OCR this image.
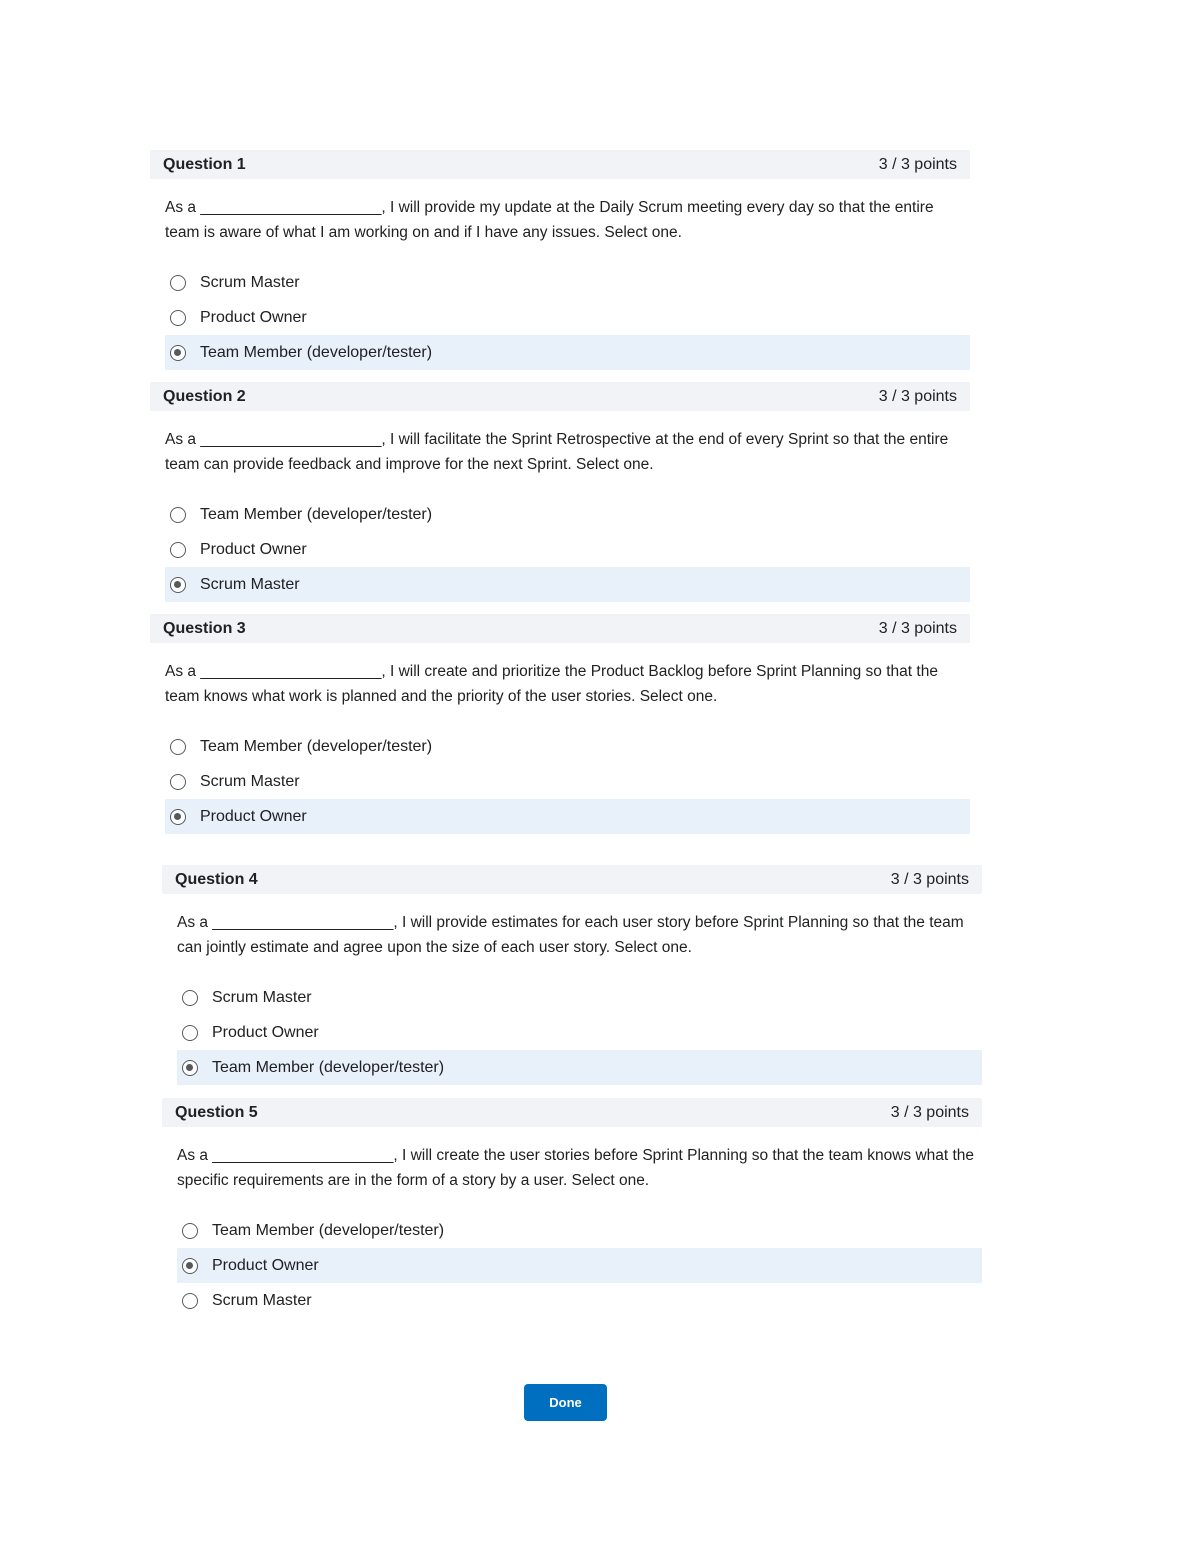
Question 1	3 / 3 points
As a _____________________, I will provide my update at the Daily Scrum meeting every day so that the entire team is aware of what I am working on and if I have any issues. Select one.
Scrum Master
Product Owner
Team Member (developer/tester)
Question 2	3 / 3 points
As a _____________________, I will facilitate the Sprint Retrospective at the end of every Sprint so that the entire team can provide feedback and improve for the next Sprint. Select one.
Team Member (developer/tester)
Product Owner
Scrum Master
Question 3	3 / 3 points
As a _____________________, I will create and prioritize the Product Backlog before Sprint Planning so that the team knows what work is planned and the priority of the user stories. Select one.
Team Member (developer/tester)
Scrum Master
Product Owner
Question 4	3 / 3 points
As a _____________________, I will provide estimates for each user story before Sprint Planning so that the team can jointly estimate and agree upon the size of each user story. Select one.
Scrum Master
Product Owner
Team Member (developer/tester)
Question 5	3 / 3 points
As a _____________________, I will create the user stories before Sprint Planning so that the team knows what the specific requirements are in the form of a story by a user. Select one.
Team Member (developer/tester)
Product Owner
Scrum Master
Done
